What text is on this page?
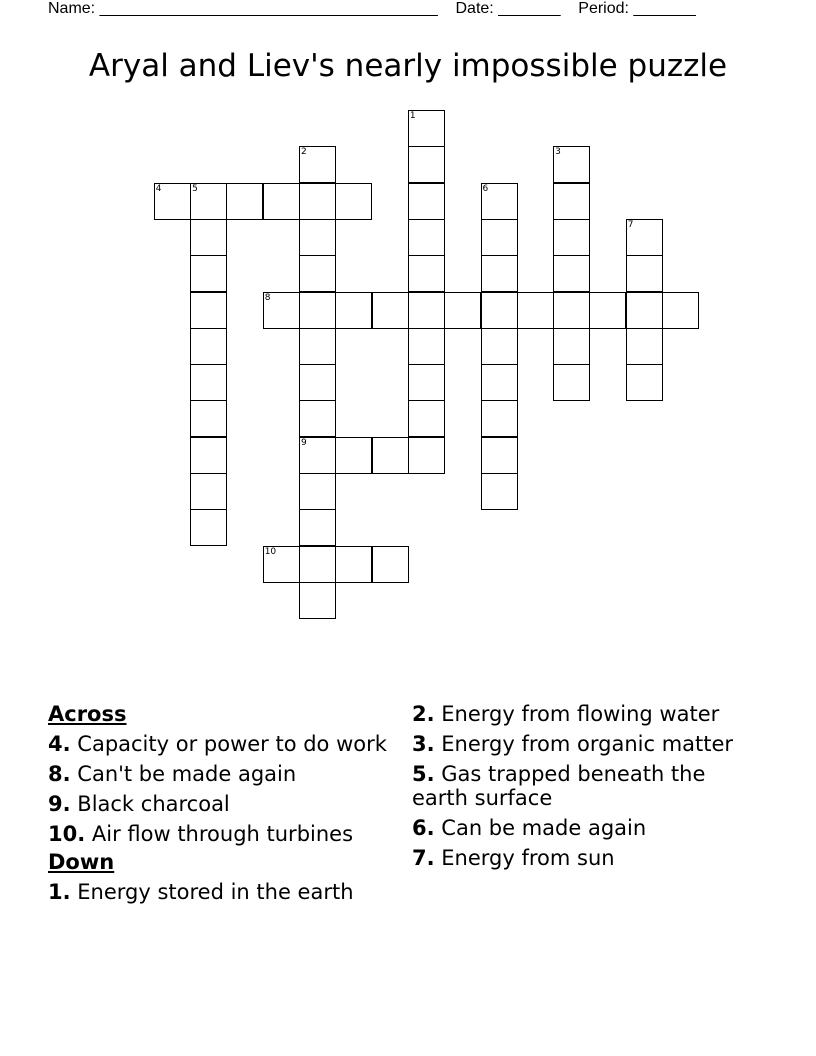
Name: ______________________________________ Date: _______ Period: _______
Aryal and Liev's nearly impossible puzzle
1
2
9
3
4	5	6
7
8
10
Across
4. Capacity or power to do work
8. Can't be made again
9. Black charcoal
10. Air flow through turbines
Down
1. Energy stored in the earth
2. Energy from flowing water
3. Energy from organic matter
5. Gas trapped beneath the earth surface
6. Can be made again
7. Energy from sun
